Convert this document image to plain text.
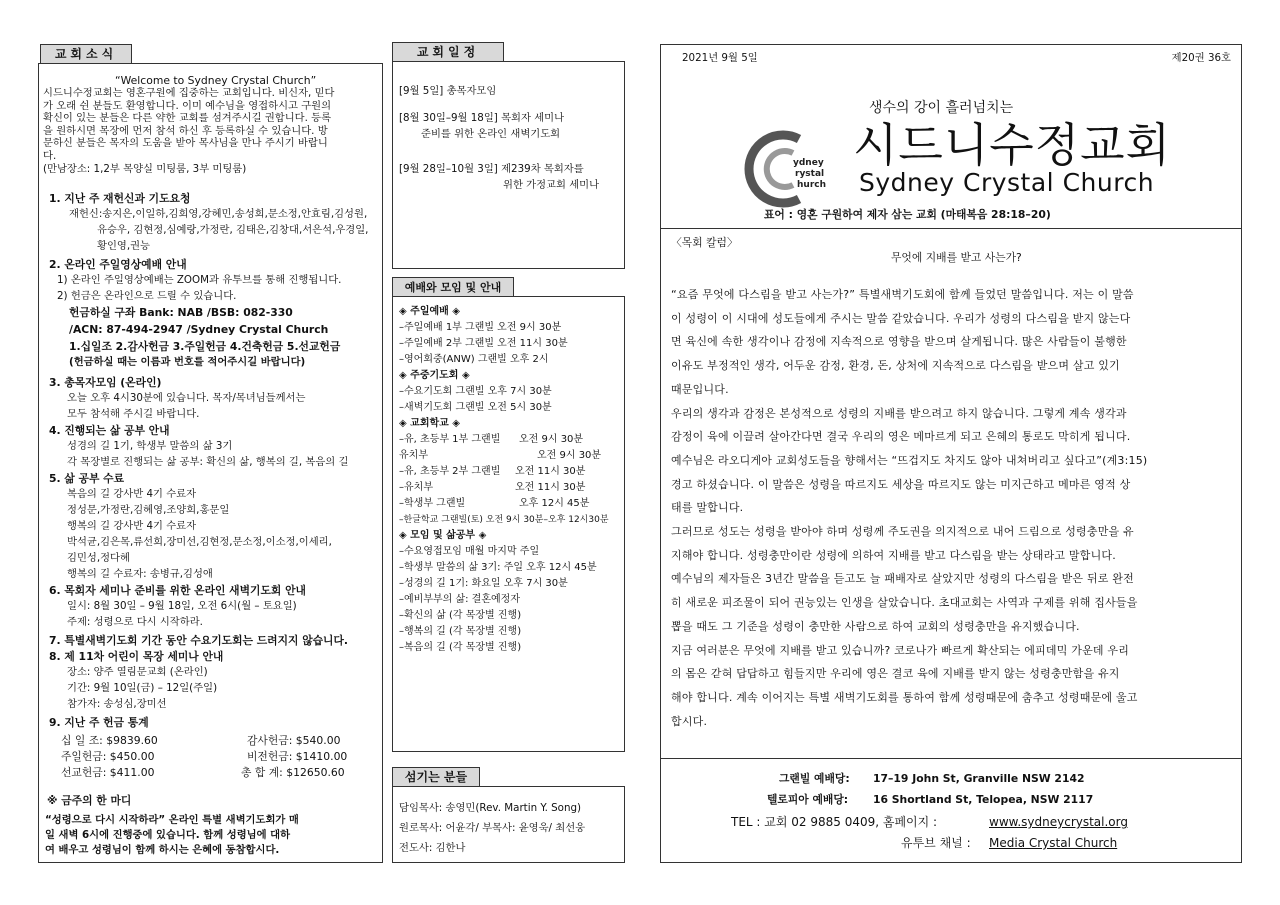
교회소식
“Welcome to Sydney Crystal Church”
시드니수정교회는 영혼구원에 집중하는 교회입니다. 비신자, 믿다
가 오래 쉰 분들도 환영합니다. 이미 예수님을 영접하시고 구원의
확신이 있는 분들은 다른 약한 교회를 섬겨주시길 권합니다. 등록
을 원하시면 목장에 먼저 참석 하신 후 등록하실 수 있습니다. 방
문하신 분들은 목자의 도움을 받아 목사님을 만나 주시기 바랍니
다.
(만남장소: 1,2부 목양실 미팅룸, 3부 미팅룸)
1. 지난 주 재헌신과 기도요청
재헌신:송지은,이일하,김희영,강혜민,송성희,문소정,안효림,김성원,
유승우, 김현정,심예랑,가정란, 김태은,김창대,서은석,우경일,
황인영,권능
2. 온라인 주일영상예배 안내
1) 온라인 주일영상예배는 ZOOM과 유투브를 통해 진행됩니다.
2) 헌금은 온라인으로 드릴 수 있습니다.
헌금하실 구좌 Bank: NAB /BSB: 082-330
/ACN: 87-494-2947 /Sydney Crystal Church
1.십일조 2.감사헌금 3.주일헌금 4.건축헌금 5.선교헌금
(헌금하실 때는 이름과 번호를 적어주시길 바랍니다)
3. 총목자모임 (온라인)
오늘 오후 4시30분에 있습니다. 목자/목녀님들께서는
모두 참석해 주시길 바랍니다.
4. 진행되는 삶 공부 안내
성경의 길 1기, 학생부 말씀의 삶 3기
각 목장별로 진행되는 삶 공부: 확신의 삶, 행복의 길, 복음의 길
5. 삶 공부 수료
복음의 길 강사반 4기 수료자
정성문,가정란,김혜영,조양희,홍문일
행복의 길 강사반 4기 수료자
박석균,김은목,류선희,장미선,김현정,문소정,이소정,이세리,
김민성,정다혜
행복의 길 수료자: 송병규,김성애
6. 목회자 세미나 준비를 위한 온라인 새벽기도회 안내
일시: 8월 30일 – 9월 18일, 오전 6시(월 – 토요일)
주제: 성령으로 다시 시작하라.
7. 특별새벽기도회 기간 동안 수요기도회는 드려지지 않습니다.
8. 제 11차 어린이 목장 세미나 안내
장소: 양주 열림문교회 (온라인)
기간: 9월 10일(금) – 12일(주일)
참가자: 송성심,장미선
9. 지난 주 헌금 통계
십 일 조: $9839.60	감사헌금: $540.00
주일헌금: $450.00	비전헌금: $1410.00
선교헌금: $411.00	총 합 계: $12650.60
※ 금주의 한 마디
“성령으로 다시 시작하라” 온라인 특별 새벽기도회가 매
일 새벽 6시에 진행중에 있습니다. 함께 성령님에 대하
여 배우고 성령님이 함께 하시는 은혜에 동참합시다.
교회일정
[9월 5일] 총목자모임
[8월 30일–9월 18일] 목회자 세미나
준비를 위한 온라인 새벽기도회
[9월 28일–10월 3일] 제239차 목회자를
위한 가정교회 세미나
예배와 모임 및 안내
◈ 주일예배 ◈
–주일예배 1부 그랜빌 오전 9시 30분
–주일예배 2부 그랜빌 오전 11시 30분
–영어회중(ANW) 그랜빌 오후 2시
◈ 주중기도회 ◈
–수요기도회 그랜빌 오후 7시 30분
–새벽기도회 그랜빌 오전 5시 30분
◈ 교회학교 ◈
–유, 초등부 1부 그랜빌 오전 9시 30분
유치부	오전 9시 30분
–유, 초등부 2부 그랜빌 오전 11시 30분
–유치부	오전 11시 30분
–학생부 그랜빌	오후 12시 45분
–한글학교 그랜빌(토) 오전 9시 30분–오후 12시30분
◈ 모임 및 삶공부 ◈
–수요영접모임 매월 마지막 주일
–학생부 말씀의 삶 3기: 주일 오후 12시 45분
–성경의 길 1기: 화요일 오후 7시 30분
–예비부부의 삶: 결혼예정자
–확신의 삶 (각 목장별 진행)
–행복의 길 (각 목장별 진행)
–복음의 길 (각 목장별 진행)
섬기는 분들
담임목사: 송영민(Rev. Martin Y. Song)
원로목사: 어윤각/ 부목사: 윤영욱/ 최선웅
전도사: 김한나
2021년 9월 5일	제20권 36호
생수의 강이 흘러넘치는
ydney
rystal
hurch
시드니수정교회
Sydney Crystal Church
표어 : 영혼 구원하여 제자 삼는 교회 (마태복음 28:18–20)
〈목회 칼럼〉
무엇에 지배를 받고 사는가?
“요즘 무엇에 다스림을 받고 사는가?” 특별새벽기도회에 함께 들었던 말씀입니다. 저는 이 말씀
이 성령이 이 시대에 성도들에게 주시는 말씀 같았습니다. 우리가 성령의 다스림을 받지 않는다
면 육신에 속한 생각이나 감정에 지속적으로 영향을 받으며 살게됩니다. 많은 사람들이 불행한
이유도 부정적인 생각, 어두운 감정, 환경, 돈, 상처에 지속적으로 다스림을 받으며 살고 있기
때문입니다.
우리의 생각과 감정은 본성적으로 성령의 지배를 받으려고 하지 않습니다. 그렇게 계속 생각과
감정이 육에 이끌려 살아간다면 결국 우리의 영은 메마르게 되고 은혜의 통로도 막히게 됩니다.
예수님은 라오디게아 교회성도들을 향해서는 “뜨겁지도 차지도 않아 내쳐버리고 싶다고”(계3:15)
경고 하셨습니다. 이 말씀은 성령을 따르지도 세상을 따르지도 않는 미지근하고 메마른 영적 상
태를 말합니다.
그러므로 성도는 성령을 받아야 하며 성령께 주도권을 의지적으로 내어 드림으로 성령충만을 유
지해야 합니다. 성령충만이란 성령에 의하여 지배를 받고 다스림을 받는 상태라고 말합니다.
예수님의 제자들은 3년간 말씀을 듣고도 늘 패배자로 살았지만 성령의 다스림을 받은 뒤로 완전
히 새로운 피조물이 되어 권능있는 인생을 살았습니다. 초대교회는 사역과 구제를 위해 집사들을
뽑을 때도 그 기준을 성령이 충만한 사람으로 하여 교회의 성령충만을 유지했습니다.
지금 여러분은 무엇에 지배를 받고 있습니까? 코로나가 빠르게 확산되는 에피데믹 가운데 우리
의 몸은 갇혀 답답하고 힘들지만 우리에 영은 결코 육에 지배를 받지 않는 성령충만함을 유지
해야 합니다. 계속 이어지는 특별 새벽기도회를 통하여 함께 성령때문에 춤추고 성령때문에 울고
합시다.
그랜빌 예배당: 17–19 John St, Granville NSW 2142
텔로피아 예배당: 16 Shortland St, Telopea, NSW 2117
TEL : 교회 02 9885 0409, 홈페이지 :	www.sydneycrystal.org
유투브 채널 : Media Crystal Church
